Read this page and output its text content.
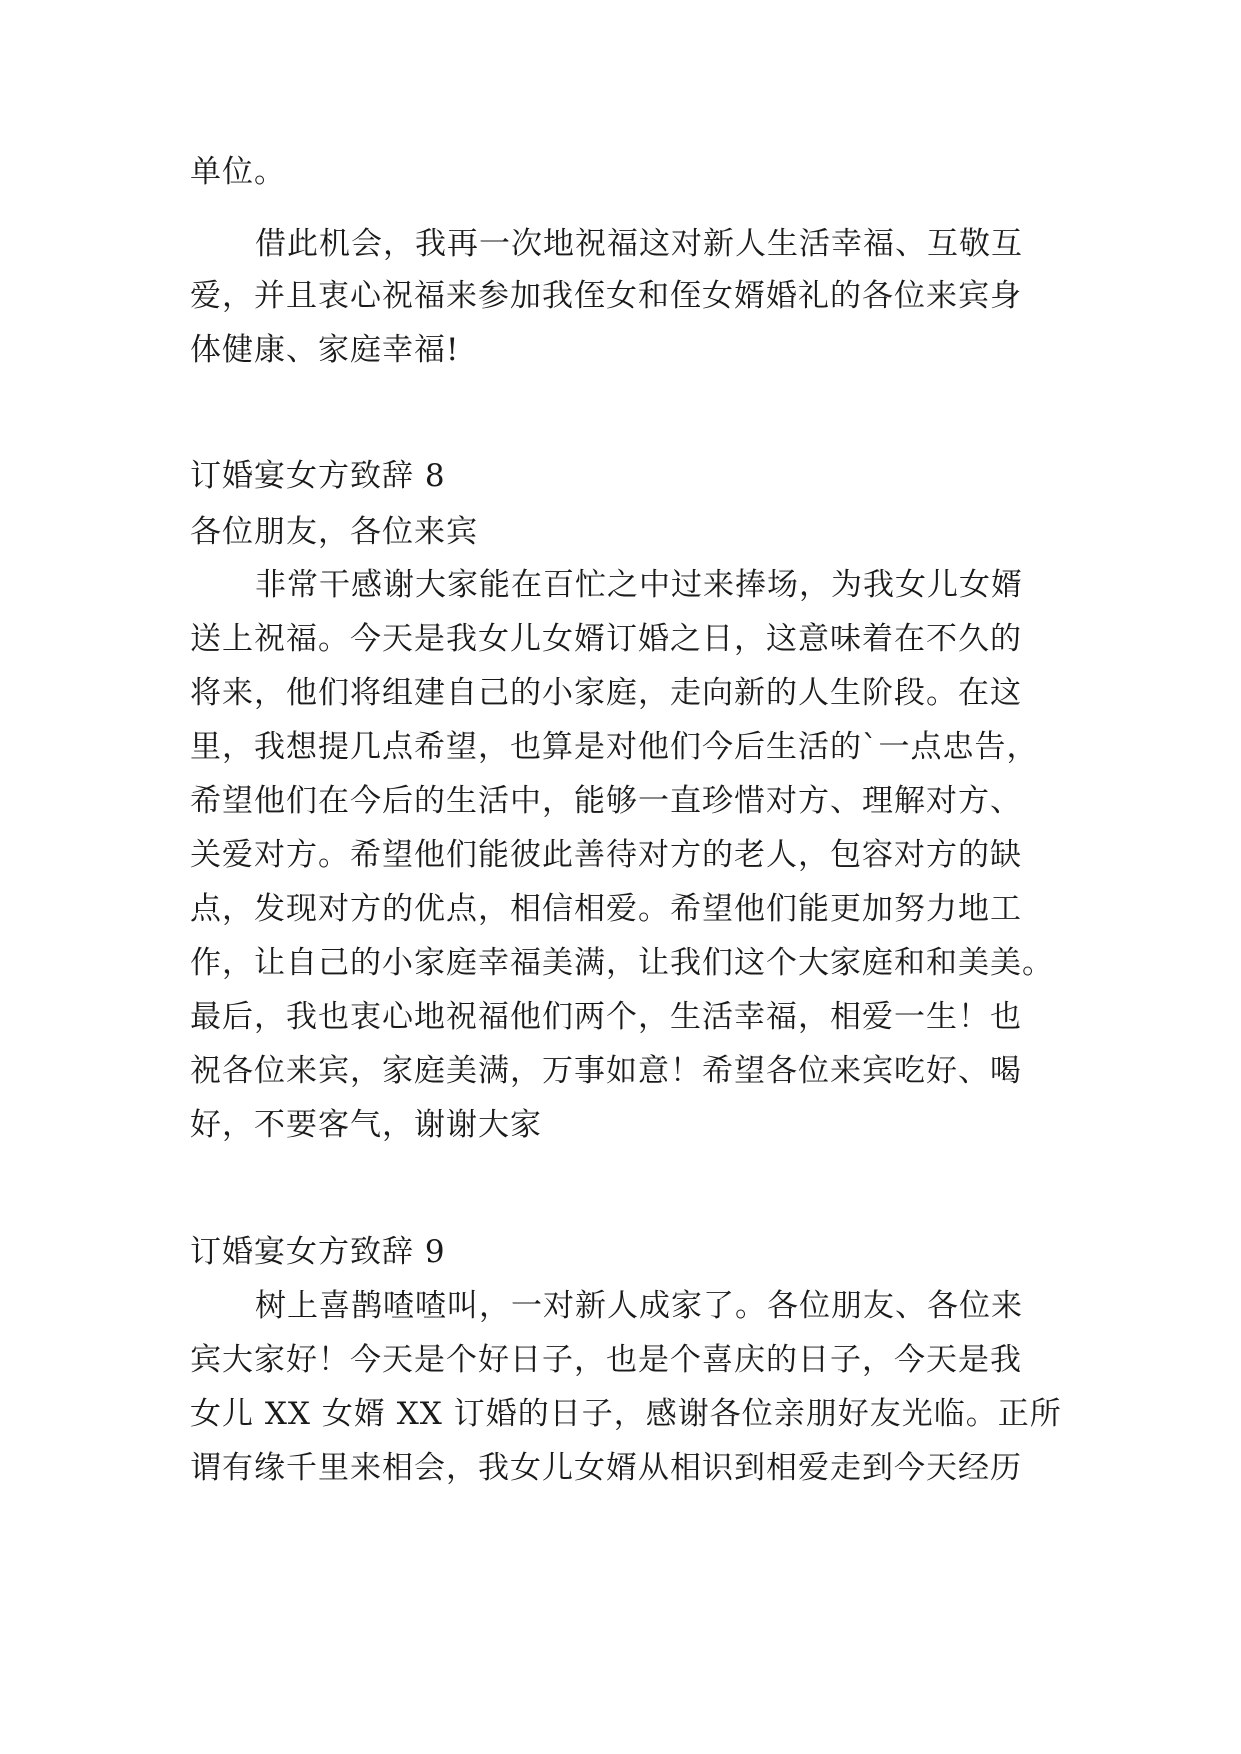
单位。
借此机会，我再一次地祝福这对新人生活幸福、互敬互
爱，并且衷心祝福来参加我侄女和侄女婿婚礼的各位来宾身
体健康、家庭幸福!
订婚宴女方致辞 8
各位朋友，各位来宾
非常干感谢大家能在百忙之中过来捧场，为我女儿女婿
送上祝福。今天是我女儿女婿订婚之日，这意味着在不久的
将来，他们将组建自己的小家庭，走向新的人生阶段。在这
里，我想提几点希望，也算是对他们今后生活的`一点忠告，
希望他们在今后的生活中，能够一直珍惜对方、理解对方、
关爱对方。希望他们能彼此善待对方的老人，包容对方的缺
点，发现对方的优点，相信相爱。希望他们能更加努力地工
作，让自己的小家庭幸福美满，让我们这个大家庭和和美美。
最后，我也衷心地祝福他们两个，生活幸福，相爱一生！也
祝各位来宾，家庭美满，万事如意！希望各位来宾吃好、喝
好，不要客气，谢谢大家
订婚宴女方致辞 9
树上喜鹊喳喳叫，一对新人成家了。各位朋友、各位来
宾大家好！今天是个好日子，也是个喜庆的日子，今天是我
女儿 XX 女婿 XX 订婚的日子，感谢各位亲朋好友光临。正所
谓有缘千里来相会，我女儿女婿从相识到相爱走到今天经历
